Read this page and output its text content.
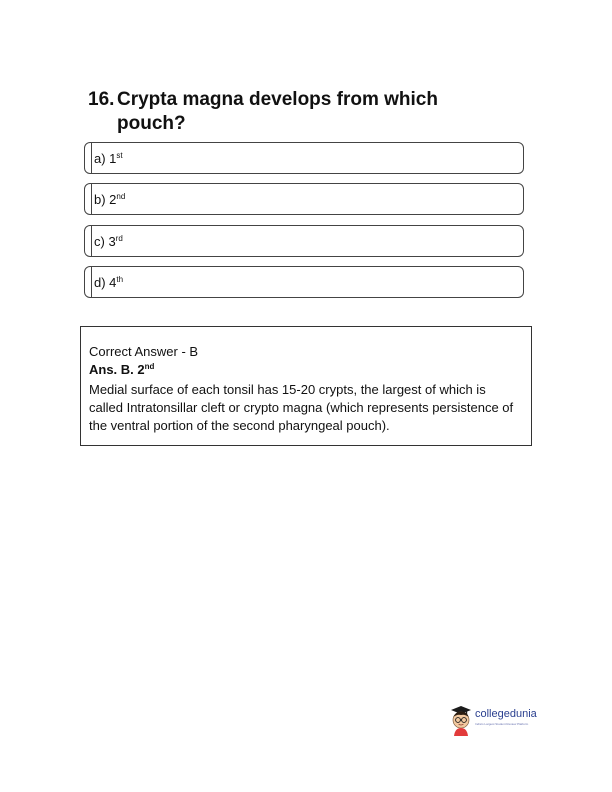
16. Crypta magna develops from which pouch?
a) 1st
b) 2nd
c) 3rd
d) 4th
Correct Answer - B
Ans. B. 2nd
Medial surface of each tonsil has 15-20 crypts, the largest of which is called Intratonsillar cleft or crypto magna (which represents persistence of the ventral portion of the second pharyngeal pouch).
collegedunia
India's Largest Student Review Platform
